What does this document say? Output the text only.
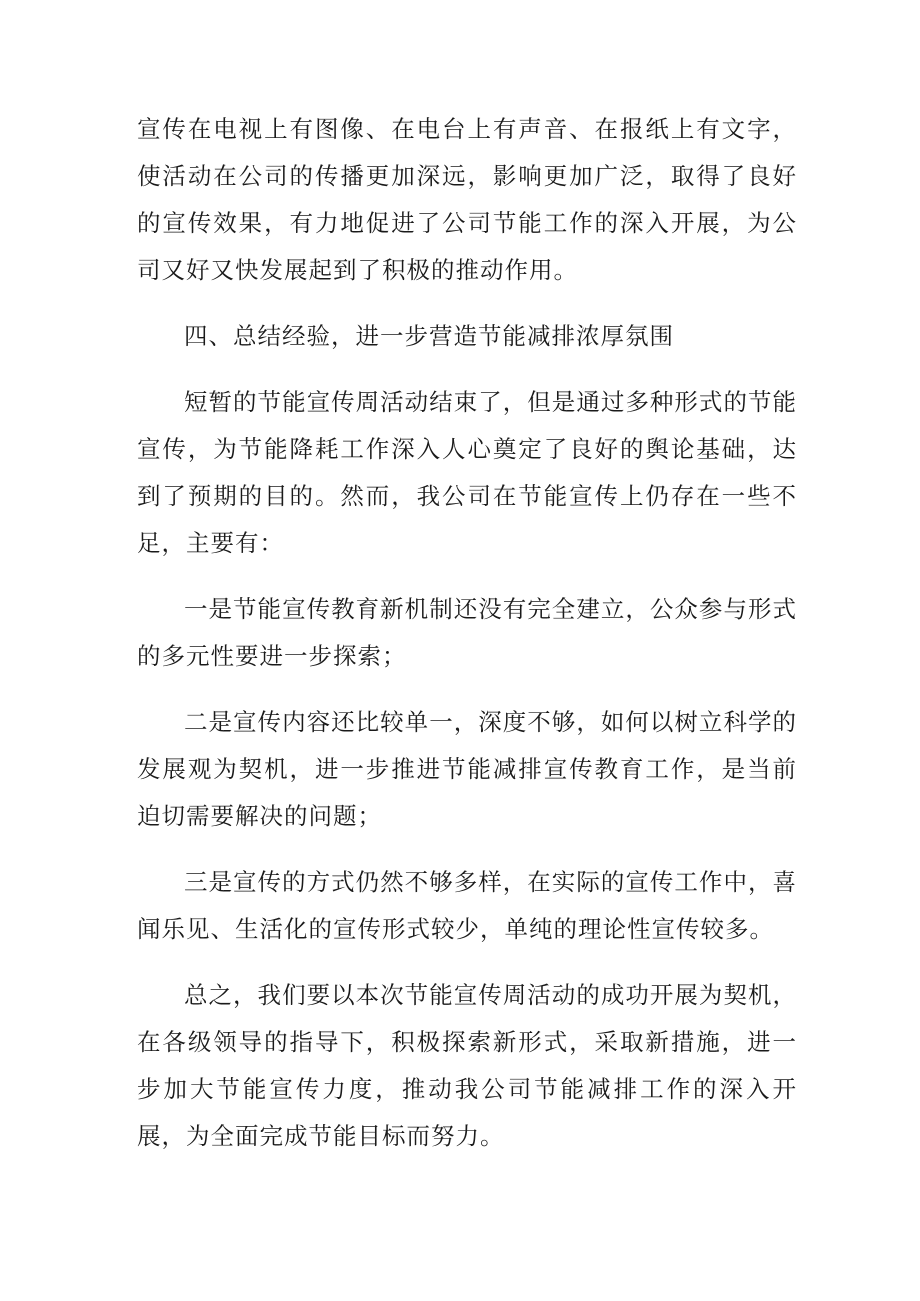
宣传在电视上有图像、在电台上有声音、在报纸上有文字，使活动在公司的传播更加深远，影响更加广泛，取得了良好的宣传效果，有力地促进了公司节能工作的深入开展，为公司又好又快发展起到了积极的推动作用。

四、总结经验，进一步营造节能减排浓厚氛围

短暂的节能宣传周活动结束了，但是通过多种形式的节能宣传，为节能降耗工作深入人心奠定了良好的舆论基础，达到了预期的目的。然而，我公司在节能宣传上仍存在一些不足，主要有：

一是节能宣传教育新机制还没有完全建立，公众参与形式的多元性要进一步探索；

二是宣传内容还比较单一，深度不够，如何以树立科学的发展观为契机，进一步推进节能减排宣传教育工作，是当前迫切需要解决的问题；

三是宣传的方式仍然不够多样，在实际的宣传工作中，喜闻乐见、生活化的宣传形式较少，单纯的理论性宣传较多。

总之，我们要以本次节能宣传周活动的成功开展为契机，在各级领导的指导下，积极探索新形式，采取新措施，进一步加大节能宣传力度，推动我公司节能减排工作的深入开展，为全面完成节能目标而努力。
